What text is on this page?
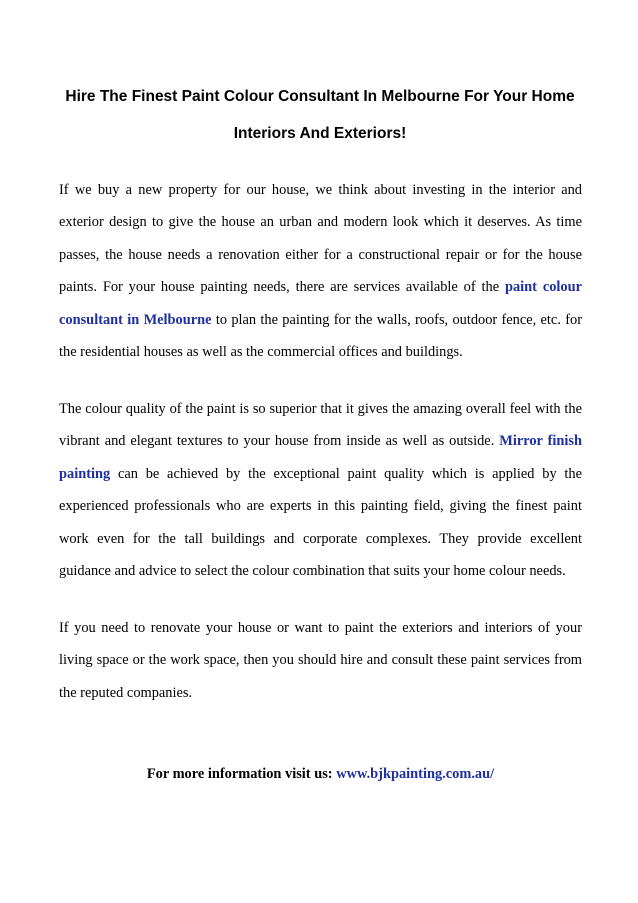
Hire The Finest Paint Colour Consultant In Melbourne For Your Home Interiors And Exteriors!

If we buy a new property for our house, we think about investing in the interior and exterior design to give the house an urban and modern look which it deserves. As time passes, the house needs a renovation either for a constructional repair or for the house paints. For your house painting needs, there are services available of the paint colour consultant in Melbourne to plan the painting for the walls, roofs, outdoor fence, etc. for the residential houses as well as the commercial offices and buildings.

The colour quality of the paint is so superior that it gives the amazing overall feel with the vibrant and elegant textures to your house from inside as well as outside. Mirror finish painting can be achieved by the exceptional paint quality which is applied by the experienced professionals who are experts in this painting field, giving the finest paint work even for the tall buildings and corporate complexes. They provide excellent guidance and advice to select the colour combination that suits your home colour needs.

If you need to renovate your house or want to paint the exteriors and interiors of your living space or the work space, then you should hire and consult these paint services from the reputed companies.

For more information visit us: www.bjkpainting.com.au/
